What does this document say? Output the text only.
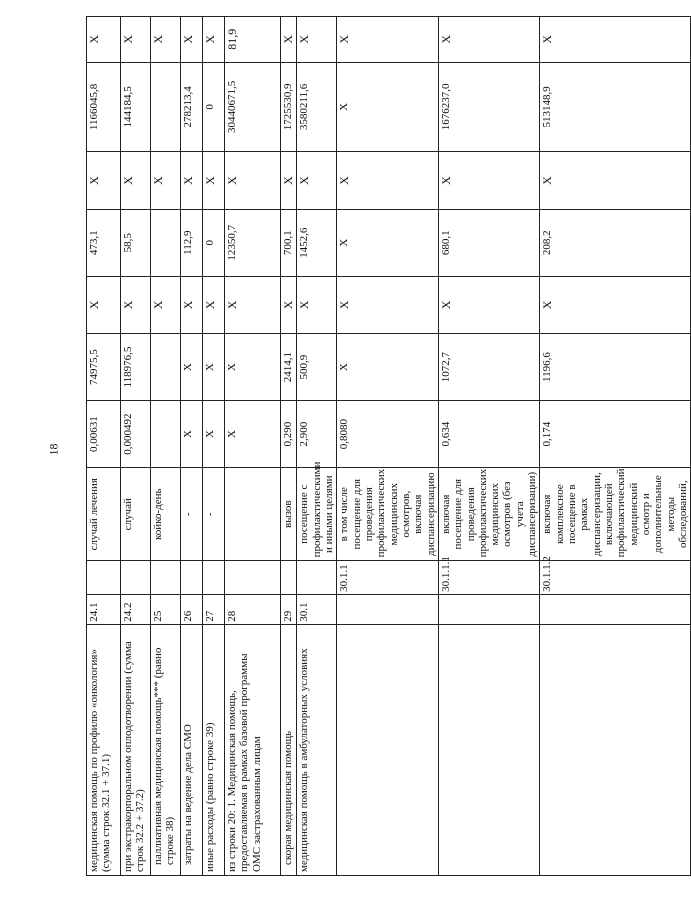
18
медицинская помощь по профилю «онкология» (сумма строк 32.1 + 37.1)	24.1		случай лечения	0,00631	74975,5	X	473,1	X	1166045,8	X
при экстракорпоральном оплодотворении (сумма строк 32.2 + 37.2)	24.2		случай	0,000492	118976,5	X	58,5	X	144184,5	X
паллиативная медицинская помощь*** (равно строке 38)	25		койко-день			X		X		X
затраты на ведение дела СМО	26		-	X	X	X	112,9	X	278213,4	X
иные расходы (равно строке 39)	27		-	X	X	X	0	X	0	X
из строки 20: 1. Медицинская помощь, предоставляемая в рамках базовой программы ОМС застрахованным лицам	28			X	X	X	12350,7	X	30440671,5	81,9
скорая медицинская помощь	29		вызов	0,290	2414,1	X	700,1	X	1725530,9	X
медицинская помощь в амбулаторных условиях	30.1		посещение с профилактическими и иными целями	2,900	500,9	X	1452,6	X	3580211,6	X
		30.1.1	в том числе посещение для проведения профилактических медицинских осмотров, включая диспансеризацию	0,8080	X	X	X	X	X	X
		30.1.1.1	включая посещение для проведения профилактических медицинских осмотров (без учета диспансеризации)	0,634	1072,7	X	680,1	X	1676237,0	X
		30.1.1.2	включая комплексное посещение в рамках диспансеризации, включающей профилактический медицинский осмотр и дополнительные методы обследований,	0,174	1196,6	X	208,2	X	513148,9	X
